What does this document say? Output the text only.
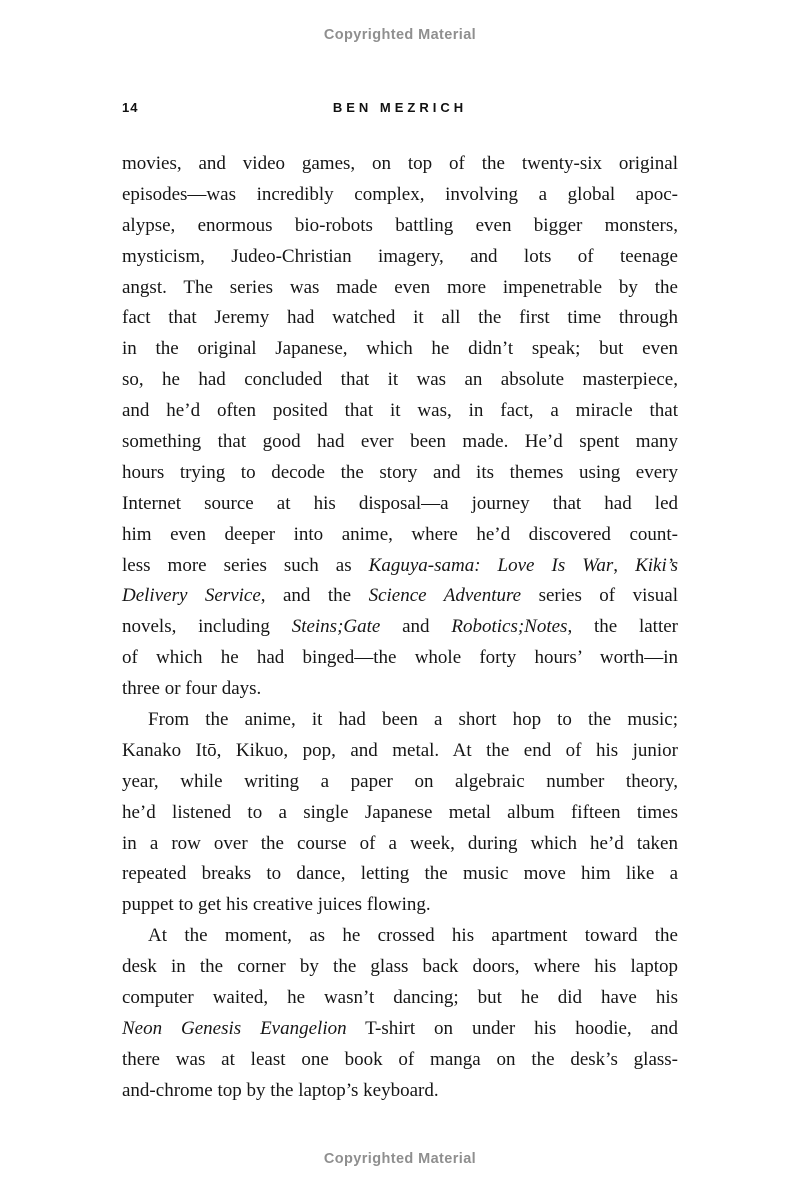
Copyrighted Material
14	BEN MEZRICH
movies, and video games, on top of the twenty-six original
episodes—was incredibly complex, involving a global apoc-
alypse, enormous bio-robots battling even bigger monsters,
mysticism, Judeo-Christian imagery, and lots of teenage
angst. The series was made even more impenetrable by the
fact that Jeremy had watched it all the first time through
in the original Japanese, which he didn’t speak; but even
so, he had concluded that it was an absolute masterpiece,
and he’d often posited that it was, in fact, a miracle that
something that good had ever been made. He’d spent many
hours trying to decode the story and its themes using every
Internet source at his disposal—a journey that had led
him even deeper into anime, where he’d discovered count-
less more series such as Kaguya-sama: Love Is War, Kiki’s
Delivery Service, and the Science Adventure series of visual
novels, including Steins;Gate and Robotics;Notes, the latter
of which he had binged—the whole forty hours’ worth—in
three or four days.
From the anime, it had been a short hop to the music;
Kanako Itō, Kikuo, pop, and metal. At the end of his junior
year, while writing a paper on algebraic number theory,
he’d listened to a single Japanese metal album fifteen times
in a row over the course of a week, during which he’d taken
repeated breaks to dance, letting the music move him like a
puppet to get his creative juices flowing.
At the moment, as he crossed his apartment toward the
desk in the corner by the glass back doors, where his laptop
computer waited, he wasn’t dancing; but he did have his
Neon Genesis Evangelion T-shirt on under his hoodie, and
there was at least one book of manga on the desk’s glass-
and-chrome top by the laptop’s keyboard.
Copyrighted Material
